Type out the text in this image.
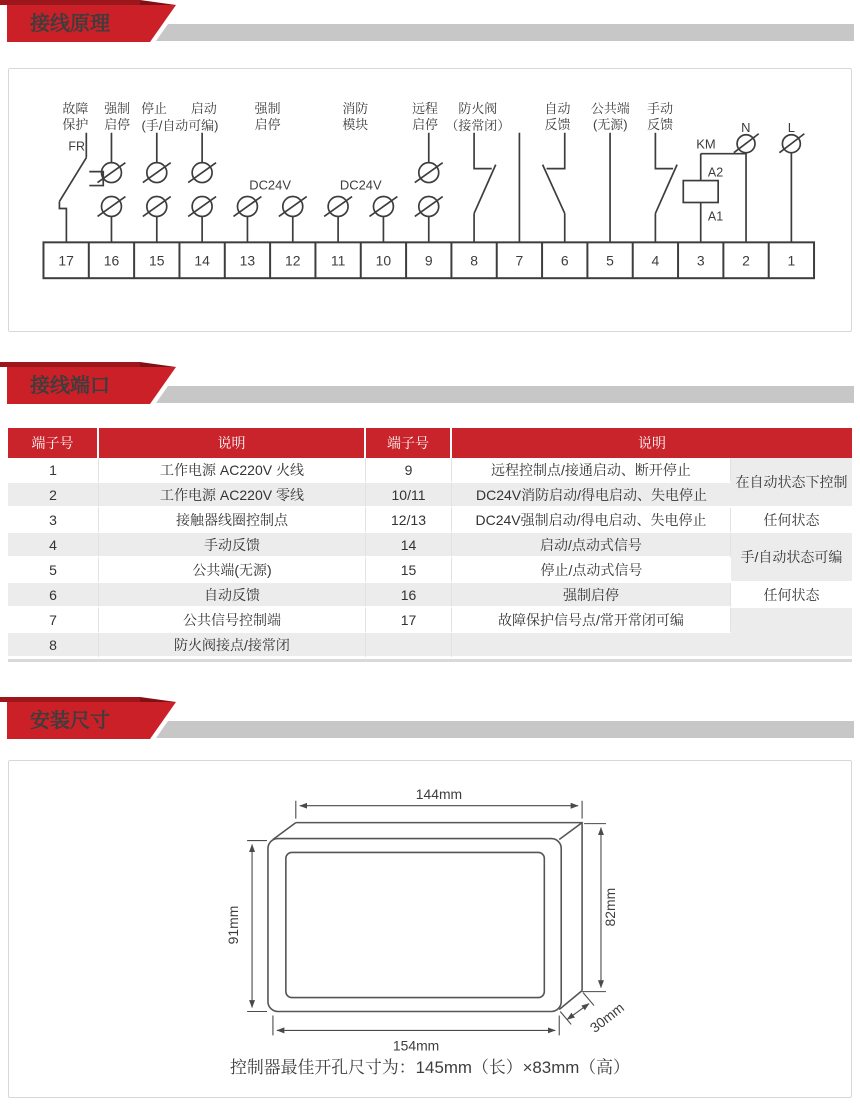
接线原理
故障
保护
强制
启停
停止 启动
(手/自动可编)
强制
启停
消防
模块
远程
启停
防火阀
（接常闭）
自动
反馈
公共端
(无源)
手动
反馈
DC24V	DC24V
KM
N	L
FR
A2
A1
17 16 15 14 13 12 11 10 9	8	7	6	5	4	3	2	1
接线端口
端子号	说明	端子号	说明	
1	工作电源 AC220V 火线	9	远程控制点/接通启动、断开停止	在自动状态下控制
2	工作电源 AC220V 零线	10/11	DC24V消防启动/得电启动、失电停止	
3	接触器线圈控制点	12/13	DC24V强制启动/得电启动、失电停止	任何状态
4	手动反馈	14	启动/点动式信号	手/自动状态可编
5	公共端(无源)	15	停止/点动式信号	
6	自动反馈	16	强制启停	任何状态
7	公共信号控制端	17	故障保护信号点/常开常闭可编	
8	防火阀接点/接常闭			
安装尺寸
144mm
91mm	82mm
154mm
30mm
控制器最佳开孔尺寸为：145mm（长）×83mm（高）
